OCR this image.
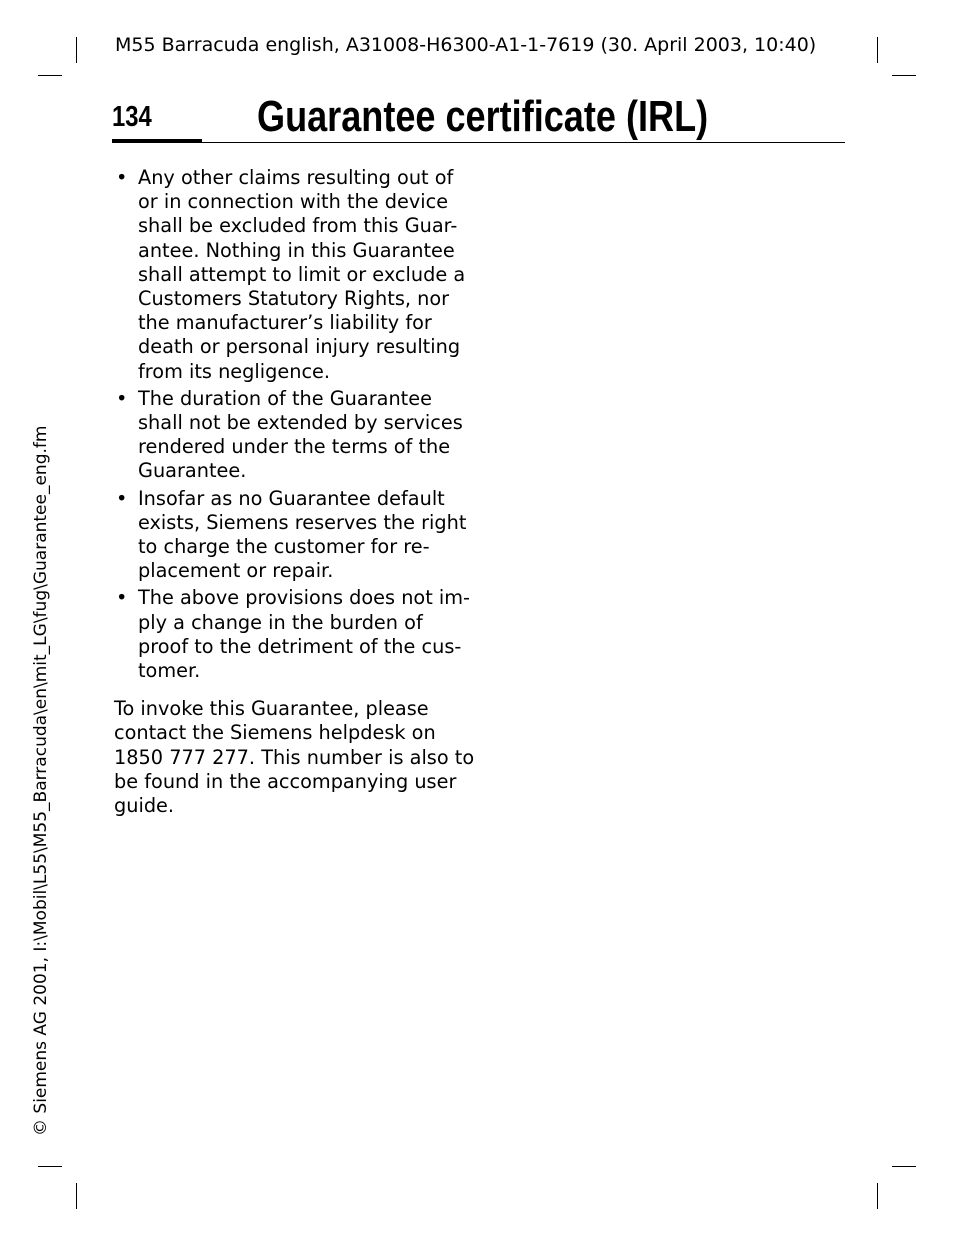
M55 Barracuda english, A31008-H6300-A1-1-7619 (30. April 2003, 10:40)
134 Guarantee certificate (IRL)
• Any other claims resulting out of
or in connection with the device
shall be excluded from this Guar-
antee. Nothing in this Guarantee
shall attempt to limit or exclude a
Customers Statutory Rights, nor
the manufacturer’s liability for
death or personal injury resulting
from its negligence.
• The duration of the Guarantee
shall not be extended by services
rendered under the terms of the
Guarantee.
• Insofar as no Guarantee default
exists, Siemens reserves the right
to charge the customer for re-
placement or repair.
• The above provisions does not im-
ply a change in the burden of
proof to the detriment of the cus-
tomer.
To invoke this Guarantee, please
contact the Siemens helpdesk on
1850 777 277. This number is also to
be found in the accompanying user
guide.
© Siemens AG 2001, I:\Mobil\L55\M55_Barracuda\en\mit_LG\fug\Guarantee_eng.fm
